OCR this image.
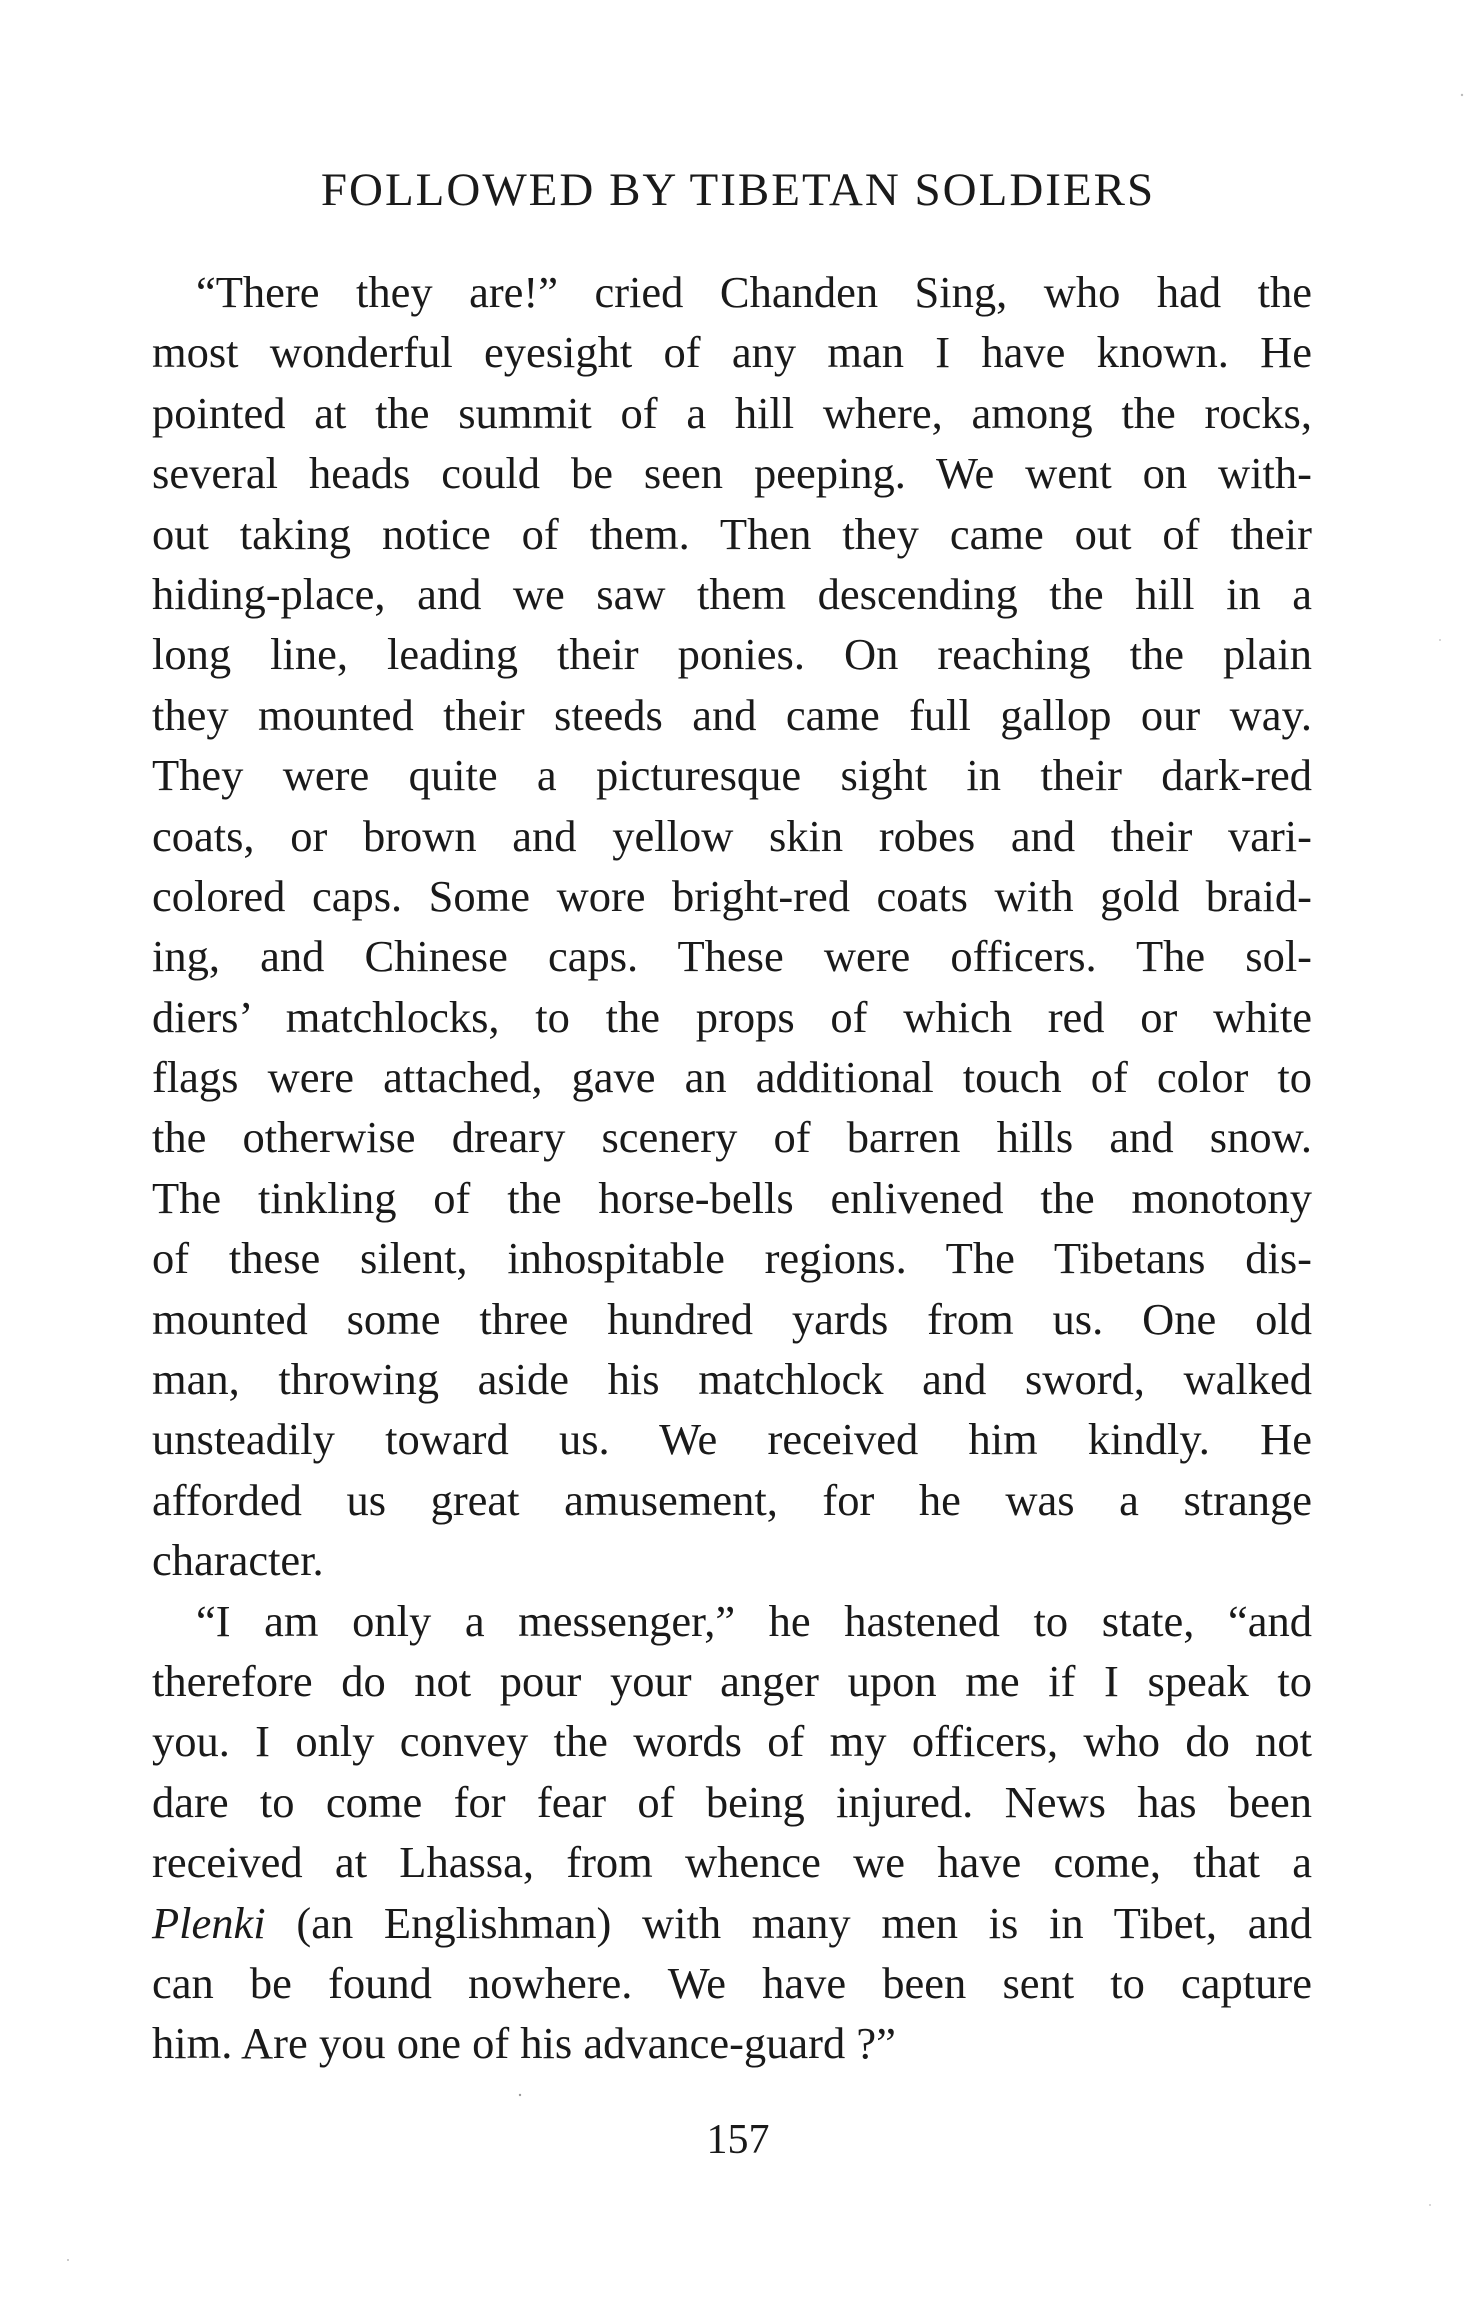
FOLLOWED BY TIBETAN SOLDIERS
“There they are!” cried Chanden Sing, who had the
most wonderful eyesight of any man I have known. He
pointed at the summit of a hill where, among the rocks,
several heads could be seen peeping. We went on with-
out taking notice of them. Then they came out of their
hiding-place, and we saw them descending the hill in a
long line, leading their ponies. On reaching the plain
they mounted their steeds and came full gallop our way.
They were quite a picturesque sight in their dark-red
coats, or brown and yellow skin robes and their vari-
colored caps. Some wore bright-red coats with gold braid-
ing, and Chinese caps. These were officers. The sol-
diers’ matchlocks, to the props of which red or white
flags were attached, gave an additional touch of color to
the otherwise dreary scenery of barren hills and snow.
The tinkling of the horse-bells enlivened the monotony
of these silent, inhospitable regions. The Tibetans dis-
mounted some three hundred yards from us. One old
man, throwing aside his matchlock and sword, walked
unsteadily toward us. We received him kindly. He
afforded us great amusement, for he was a strange
character.
“I am only a messenger,” he hastened to state, “and
therefore do not pour your anger upon me if I speak to
you. I only convey the words of my officers, who do not
dare to come for fear of being injured. News has been
received at Lhassa, from whence we have come, that a
Plenki (an Englishman) with many men is in Tibet, and
can be found nowhere. We have been sent to capture
him. Are you one of his advance-guard ?”
157
